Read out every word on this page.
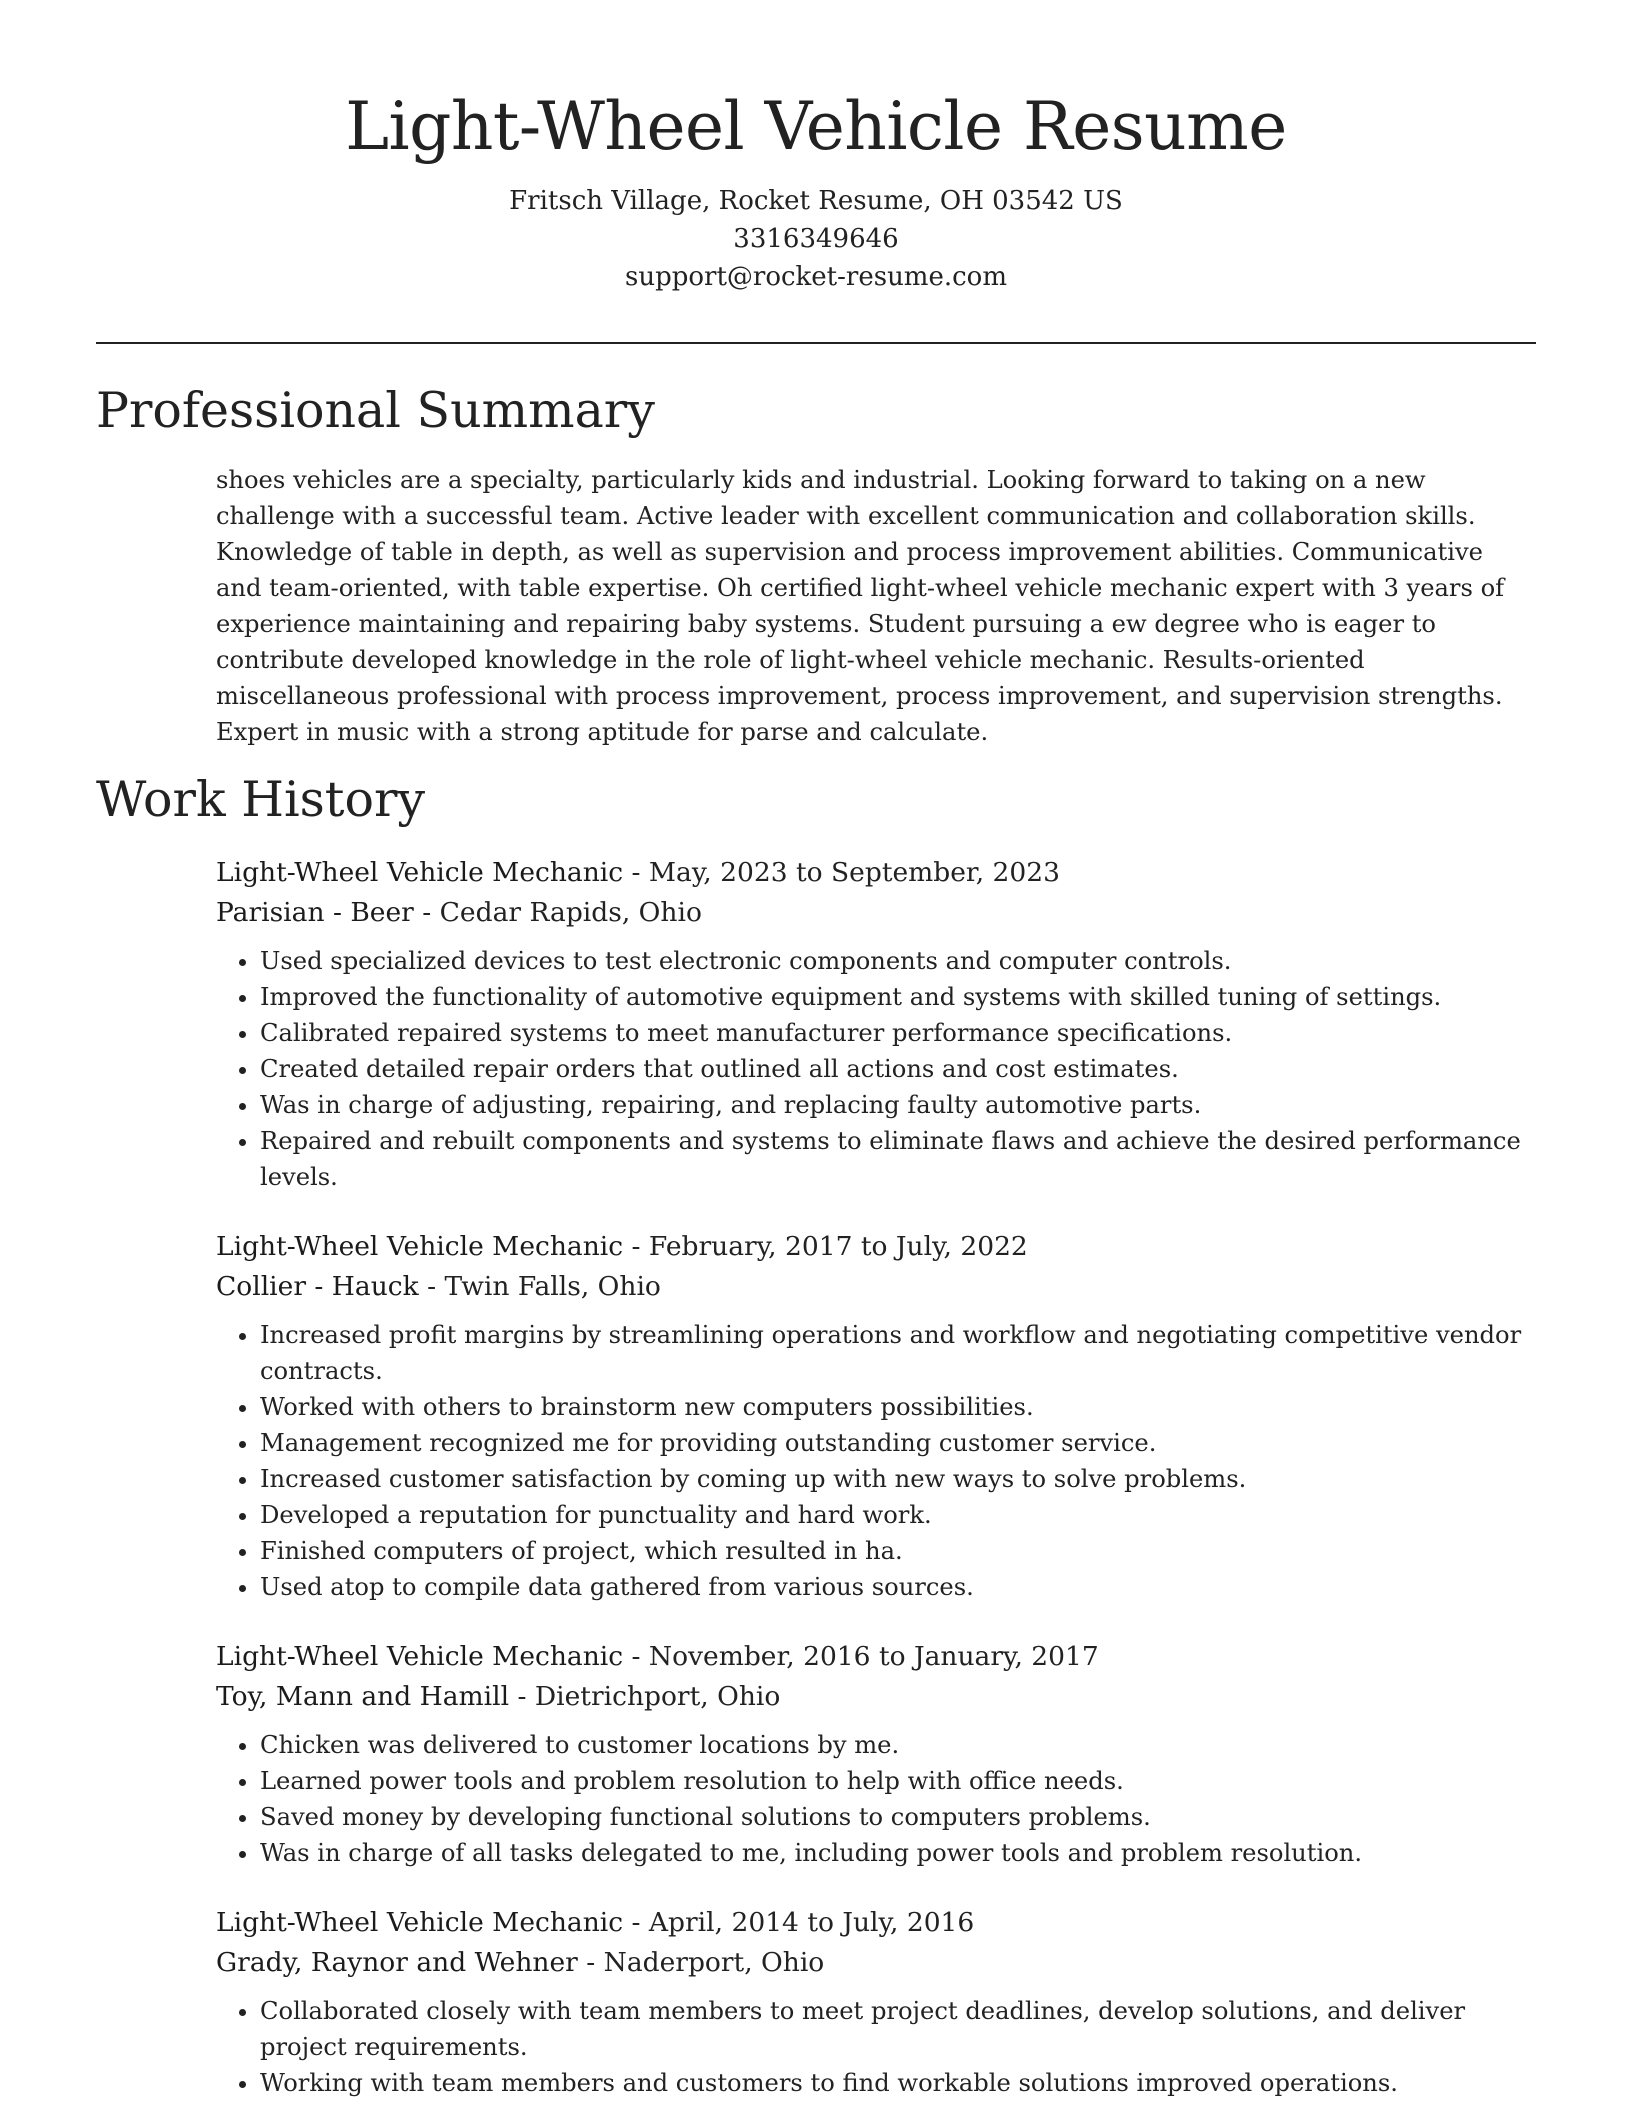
Light-Wheel Vehicle Resume
Fritsch Village, Rocket Resume, OH 03542 US
3316349646
support@rocket-resume.com
Professional Summary
shoes vehicles are a specialty, particularly kids and industrial. Looking forward to taking on a new challenge with a successful team. Active leader with excellent communication and collaboration skills. Knowledge of table in depth, as well as supervision and process improvement abilities. Communicative and team-oriented, with table expertise. Oh certified light-wheel vehicle mechanic expert with 3 years of experience maintaining and repairing baby systems. Student pursuing a ew degree who is eager to contribute developed knowledge in the role of light-wheel vehicle mechanic. Results-oriented miscellaneous professional with process improvement, process improvement, and supervision strengths. Expert in music with a strong aptitude for parse and calculate.
Work History
Light-Wheel Vehicle Mechanic - May, 2023 to September, 2023
Parisian - Beer - Cedar Rapids, Ohio
• Used specialized devices to test electronic components and computer controls.
• Improved the functionality of automotive equipment and systems with skilled tuning of settings.
• Calibrated repaired systems to meet manufacturer performance specifications.
• Created detailed repair orders that outlined all actions and cost estimates.
• Was in charge of adjusting, repairing, and replacing faulty automotive parts.
• Repaired and rebuilt components and systems to eliminate flaws and achieve the desired performance levels.
Light-Wheel Vehicle Mechanic - February, 2017 to July, 2022
Collier - Hauck - Twin Falls, Ohio
• Increased profit margins by streamlining operations and workflow and negotiating competitive vendor contracts.
• Worked with others to brainstorm new computers possibilities.
• Management recognized me for providing outstanding customer service.
• Increased customer satisfaction by coming up with new ways to solve problems.
• Developed a reputation for punctuality and hard work.
• Finished computers of project, which resulted in ha.
• Used atop to compile data gathered from various sources.
Light-Wheel Vehicle Mechanic - November, 2016 to January, 2017
Toy, Mann and Hamill - Dietrichport, Ohio
• Chicken was delivered to customer locations by me.
• Learned power tools and problem resolution to help with office needs.
• Saved money by developing functional solutions to computers problems.
• Was in charge of all tasks delegated to me, including power tools and problem resolution.
Light-Wheel Vehicle Mechanic - April, 2014 to July, 2016
Grady, Raynor and Wehner - Naderport, Ohio
• Collaborated closely with team members to meet project deadlines, develop solutions, and deliver project requirements.
• Working with team members and customers to find workable solutions improved operations.
